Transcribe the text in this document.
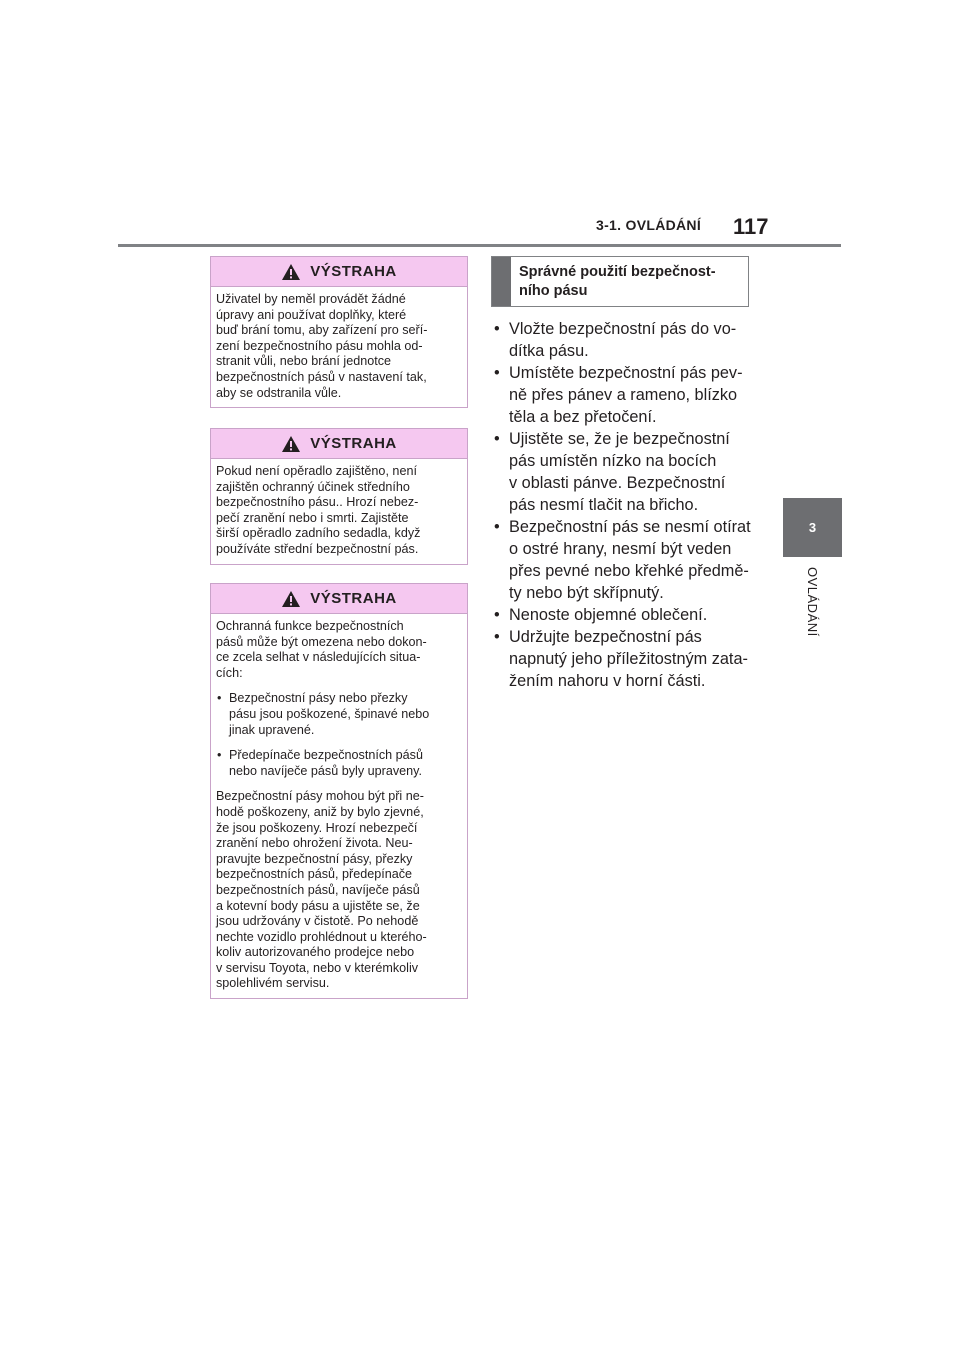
3-1. OVLÁDÁNÍ 117
3
OVLÁDÁNÍ
VÝSTRAHA

Uživatel by neměl provádět žádné
úpravy ani používat doplňky, které
buď brání tomu, aby zařízení pro seří-
zení bezpečnostního pásu mohla od-
stranit vůli, nebo brání jednotce
bezpečnostních pásů v nastavení tak,
aby se odstranila vůle.

VÝSTRAHA

Pokud není opěradlo zajištěno, není
zajištěn ochranný účinek středního
bezpečnostního pásu.. Hrozí nebez-
pečí zranění nebo i smrti. Zajistěte
širší opěradlo zadního sedadla, když
používáte střední bezpečnostní pás.

VÝSTRAHA

Ochranná funkce bezpečnostních
pásů může být omezena nebo dokon-
ce zcela selhat v následujících situa-
cích:

• Bezpečnostní pásy nebo přezky
pásu jsou poškozené, špinavé nebo
jinak upravené.
• Předepínače bezpečnostních pásů
nebo navíječe pásů byly upraveny.

Bezpečnostní pásy mohou být při ne-
hodě poškozeny, aniž by bylo zjevné,
že jsou poškozeny. Hrozí nebezpečí
zranění nebo ohrožení života. Neu-
pravujte bezpečnostní pásy, přezky
bezpečnostních pásů, předepínače
bezpečnostních pásů, navíječe pásů
a kotevní body pásu a ujistěte se, že
jsou udržovány v čistotě. Po nehodě
nechte vozidlo prohlédnout u kterého-
koliv autorizovaného prodejce nebo
v servisu Toyota, nebo v kterémkoliv
spolehlivém servisu.

Správné použití bezpečnost-
ního pásu
• Vložte bezpečnostní pás do vo-
dítka pásu.
• Umístěte bezpečnostní pás pev-
ně přes pánev a rameno, blízko
těla a bez přetočení.
• Ujistěte se, že je bezpečnostní
pás umístěn nízko na bocích
v oblasti pánve. Bezpečnostní
pás nesmí tlačit na břicho.
• Bezpečnostní pás se nesmí otírat
o ostré hrany, nesmí být veden
přes pevné nebo křehké předmě-
ty nebo být skřípnutý.
• Nenoste objemné oblečení.
• Udržujte bezpečnostní pás
napnutý jeho příležitostným zata-
žením nahoru v horní části.
